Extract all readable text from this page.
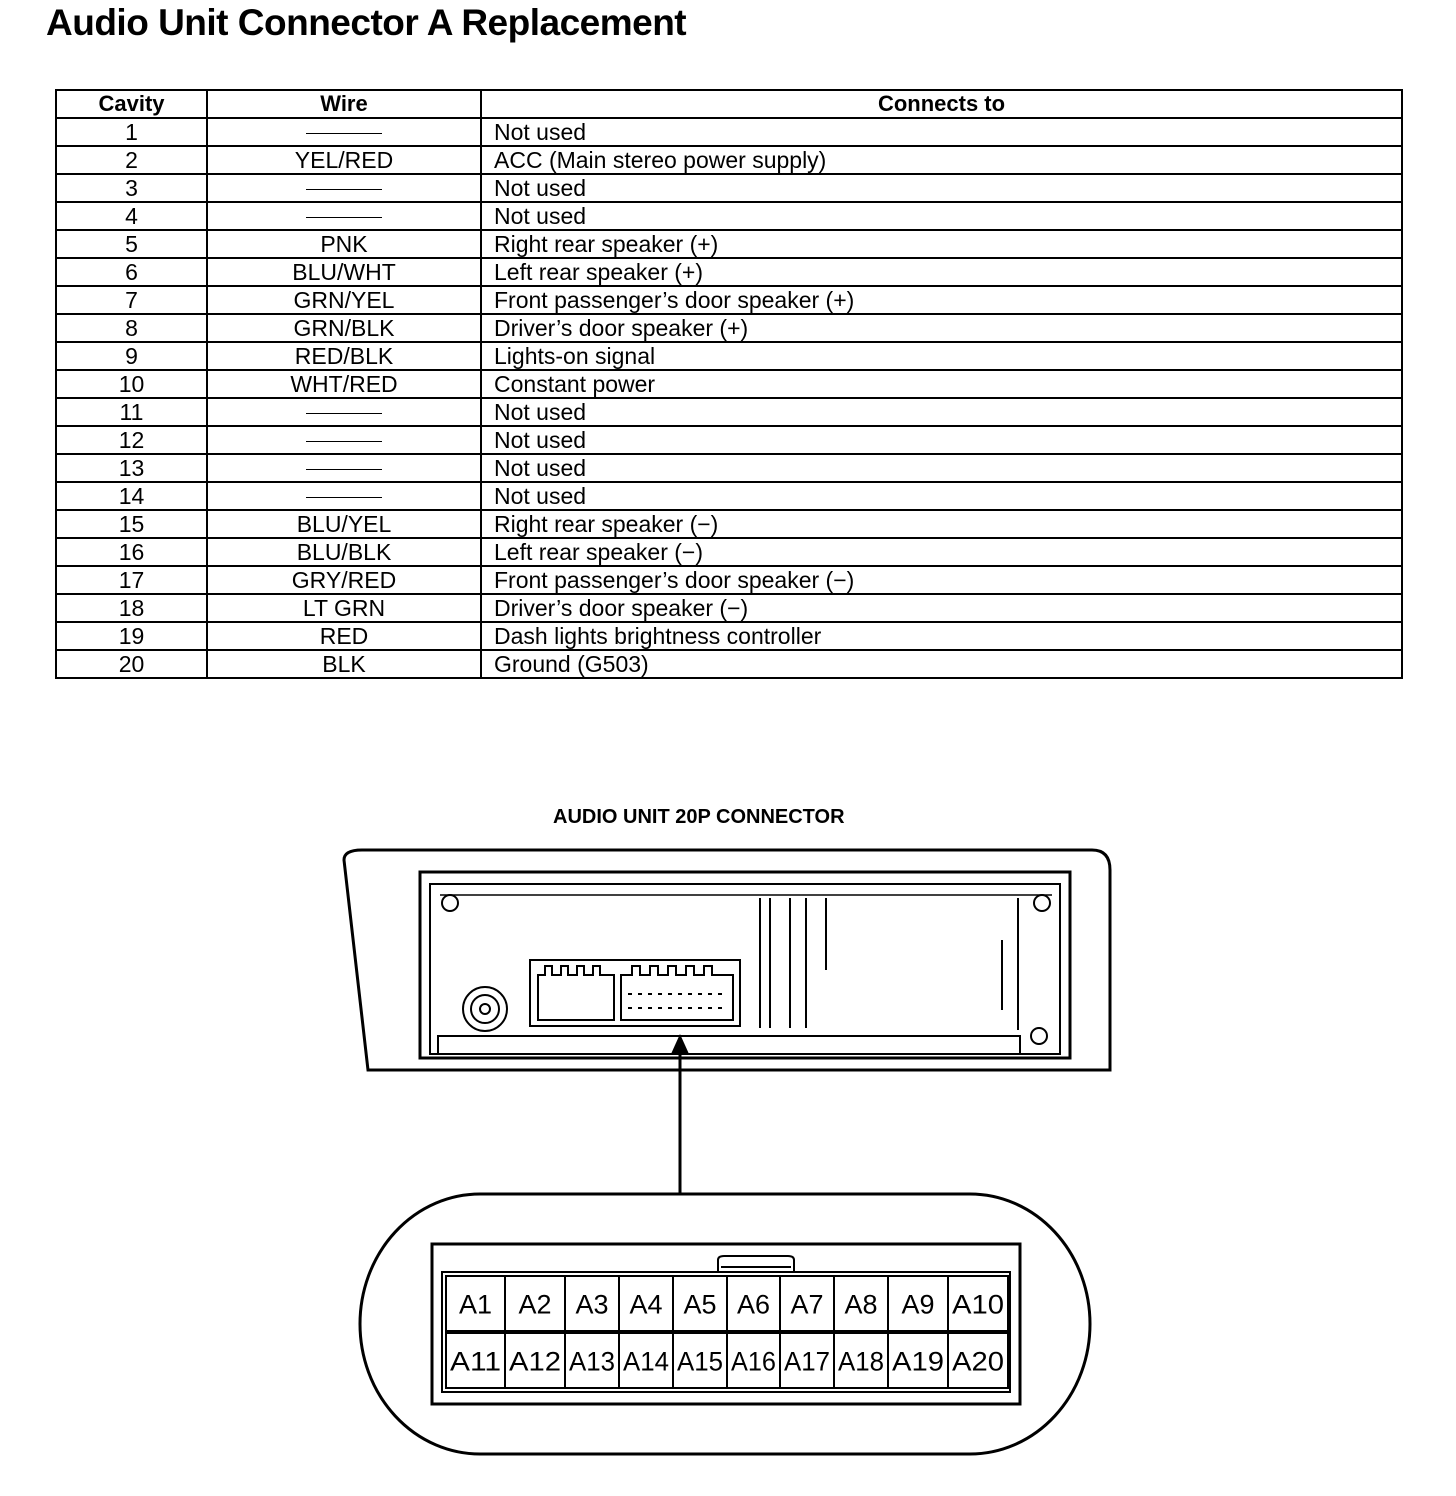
Audio Unit Connector A Replacement
Cavity	Wire	Connects to
1		Not used
2	YEL/RED	ACC (Main stereo power supply)
3		Not used
4		Not used
5	PNK	Right rear speaker (+)
6	BLU/WHT	Left rear speaker (+)
7	GRN/YEL	Front passenger’s door speaker (+)
8	GRN/BLK	Driver’s door speaker (+)
9	RED/BLK	Lights-on signal
10	WHT/RED	Constant power
11		Not used
12		Not used
13		Not used
14		Not used
15	BLU/YEL	Right rear speaker (−)
16	BLU/BLK	Left rear speaker (−)
17	GRY/RED	Front passenger’s door speaker (−)
18	LT GRN	Driver’s door speaker (−)
19	RED	Dash lights brightness controller
20	BLK	Ground (G503)
AUDIO UNIT 20P CONNECTOR
A1 A2 A3 A4 A5 A6 A7 A8 A9 A10
A11 A12 A13 A14 A15 A16 A17 A18 A19 A20
